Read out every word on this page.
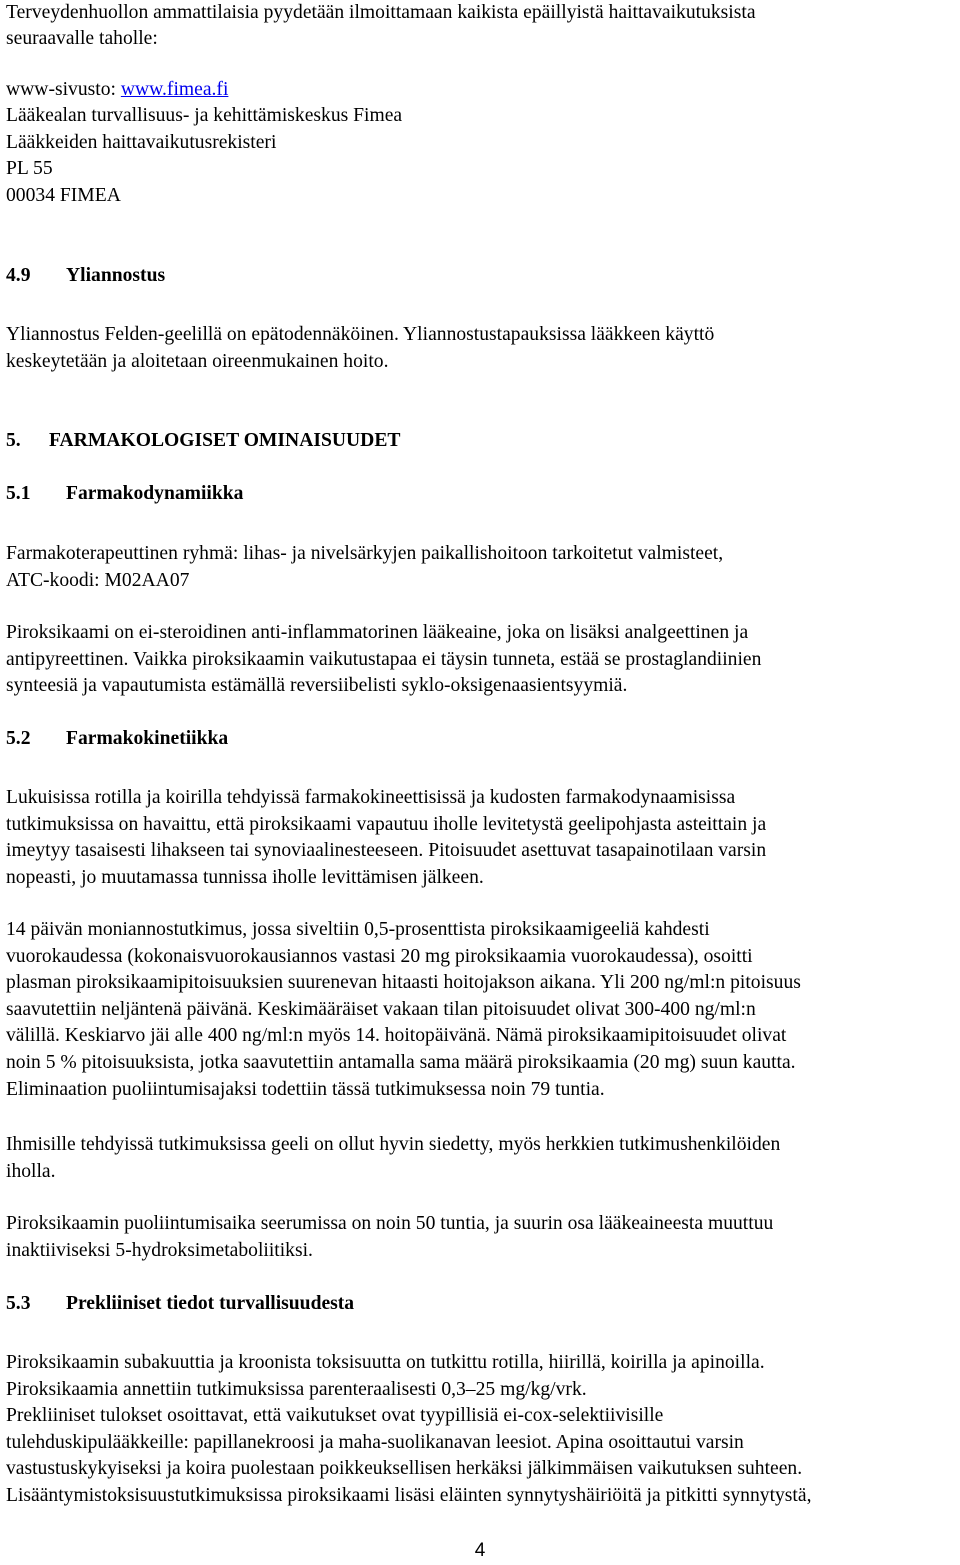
Terveydenhuollon ammattilaisia pyydetään ilmoittamaan kaikista epäillyistä haittavaikutuksista

seuraavalle taholle:

www-sivusto: www.fimea.fi

Lääkealan turvallisuus- ja kehittämiskeskus Fimea

Lääkkeiden haittavaikutusrekisteri

PL 55

00034 FIMEA

4.9	Yliannostus

Yliannostus Felden-geelillä on epätodennäköinen. Yliannostustapauksissa lääkkeen käyttö
keskeytetään ja aloitetaan oireenmukainen hoito.

5.	FARMAKOLOGISET OMINAISUUDET
5.1	Farmakodynamiikka

Farmakoterapeuttinen ryhmä: lihas- ja nivelsärkyjen paikallishoitoon tarkoitetut valmisteet,
ATC-koodi: M02AA07

Piroksikaami on ei-steroidinen anti-inflammatorinen lääkeaine, joka on lisäksi analgeettinen ja
antipyreettinen. Vaikka piroksikaamin vaikutustapaa ei täysin tunneta, estää se prostaglandiinien
synteesiä ja vapautumista estämällä reversiibelisti syklo-oksigenaasientsyymiä.

5.2	Farmakokinetiikka

Lukuisissa rotilla ja koirilla tehdyissä farmakokineettisissä ja kudosten farmakodynaamisissa
tutkimuksissa on havaittu, että piroksikaami vapautuu iholle levitetystä geelipohjasta asteittain ja
imeytyy tasaisesti lihakseen tai synoviaalinesteeseen. Pitoisuudet asettuvat tasapainotilaan varsin
nopeasti, jo muutamassa tunnissa iholle levittämisen jälkeen.

14 päivän moniannostutkimus, jossa siveltiin 0,5-prosenttista piroksikaamigeeliä kahdesti
vuorokaudessa (kokonaisvuorokausiannos vastasi 20 mg piroksikaamia vuorokaudessa), osoitti
plasman piroksikaamipitoisuuksien suurenevan hitaasti hoitojakson aikana. Yli 200 ng/ml:n pitoisuus
saavutettiin neljäntenä päivänä. Keskimääräiset vakaan tilan pitoisuudet olivat 300-400 ng/ml:n
välillä. Keskiarvo jäi alle 400 ng/ml:n myös 14. hoitopäivänä. Nämä piroksikaamipitoisuudet olivat
noin 5 % pitoisuuksista, jotka saavutettiin antamalla sama määrä piroksikaamia (20 mg) suun kautta.
Eliminaation puoliintumisajaksi todettiin tässä tutkimuksessa noin 79 tuntia.

Ihmisille tehdyissä tutkimuksissa geeli on ollut hyvin siedetty, myös herkkien tutkimushenkilöiden
iholla.

Piroksikaamin puoliintumisaika seerumissa on noin 50 tuntia, ja suurin osa lääkeaineesta muuttuu
inaktiiviseksi 5-hydroksimetaboliitiksi.

5.3	Prekliiniset tiedot turvallisuudesta

Piroksikaamin subakuuttia ja kroonista toksisuutta on tutkittu rotilla, hiirillä, koirilla ja apinoilla.
Piroksikaamia annettiin tutkimuksissa parenteraalisesti 0,3–25 mg/kg/vrk.
Prekliiniset tulokset osoittavat, että vaikutukset ovat tyypillisiä ei-cox-selektiivisille
tulehduskipulääkkeille: papillanekroosi ja maha-suolikanavan leesiot. Apina osoittautui varsin
vastustuskykyiseksi ja koira puolestaan poikkeuksellisen herkäksi jälkimmäisen vaikutuksen suhteen.
Lisääntymistoksisuustutkimuksissa piroksikaami lisäsi eläinten synnytyshäiriöitä ja pitkitti synnytystä,

4
